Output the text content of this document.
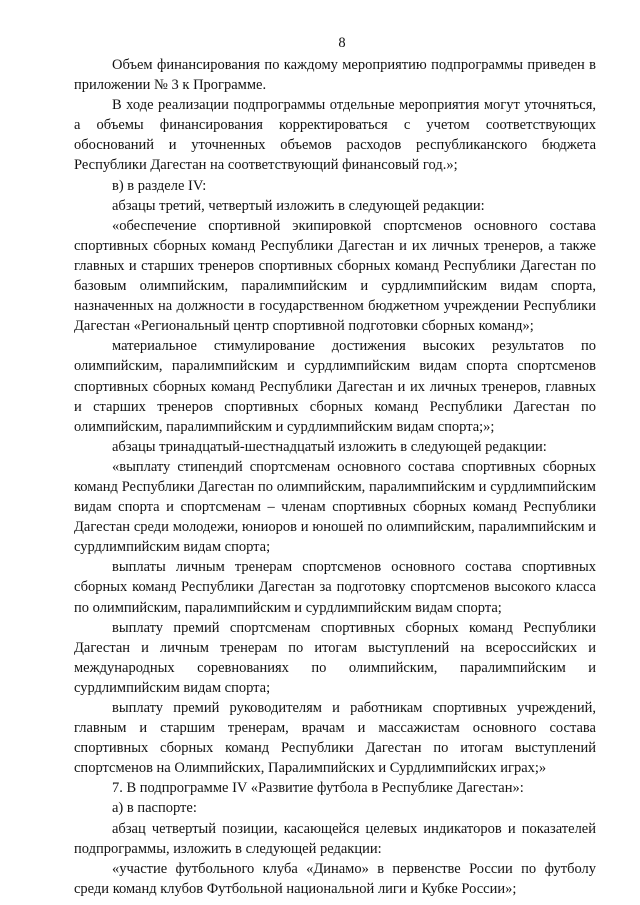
8

Объем финансирования по каждому мероприятию подпрограммы приведен в приложении № 3 к Программе.

В ходе реализации подпрограммы отдельные мероприятия могут уточняться, а объемы финансирования корректироваться с учетом соответствующих обоснований и уточненных объемов расходов республиканского бюджета Республики Дагестан на соответствующий финансовый год.»;

в) в разделе IV:

абзацы третий, четвертый изложить в следующей редакции:

«обеспечение спортивной экипировкой спортсменов основного состава спортивных сборных команд Республики Дагестан и их личных тренеров, а также главных и старших тренеров спортивных сборных команд Республики Дагестан по базовым олимпийским, паралимпийским и сурдлимпийским видам спорта, назначенных на должности в государственном бюджетном учреждении Республики Дагестан «Региональный центр спортивной подготовки сборных команд»;

материальное стимулирование достижения высоких результатов по олимпийским, паралимпийским и сурдлимпийским видам спорта спортсменов спортивных сборных команд Республики Дагестан и их личных тренеров, главных и старших тренеров спортивных сборных команд Республики Дагестан по олимпийским, паралимпийским и сурдлимпийским видам спорта;»;

абзацы тринадцатый-шестнадцатый изложить в следующей редакции:

«выплату стипендий спортсменам основного состава спортивных сборных команд Республики Дагестан по олимпийским, паралимпийским и сурдлимпийским видам спорта и спортсменам – членам спортивных сборных команд Республики Дагестан среди молодежи, юниоров и юношей по олимпийским, паралимпийским и сурдлимпийским видам спорта;

выплаты личным тренерам спортсменов основного состава спортивных сборных команд Республики Дагестан за подготовку спортсменов высокого класса по олимпийским, паралимпийским и сурдлимпийским видам спорта;

выплату премий спортсменам спортивных сборных команд Республики Дагестан и личным тренерам по итогам выступлений на всероссийских и международных соревнованиях по олимпийским, паралимпийским и сурдлимпийским видам спорта;

выплату премий руководителям и работникам спортивных учреждений, главным и старшим тренерам, врачам и массажистам основного состава спортивных сборных команд Республики Дагестан по итогам выступлений спортсменов на Олимпийских, Паралимпийских и Сурдлимпийских играх;»

7. В подпрограмме IV «Развитие футбола в Республике Дагестан»:

а) в паспорте:

абзац четвертый позиции, касающейся целевых индикаторов и показателей подпрограммы, изложить в следующей редакции:

«участие футбольного клуба «Динамо» в первенстве России по футболу среди команд клубов Футбольной национальной лиги и Кубке России»;
